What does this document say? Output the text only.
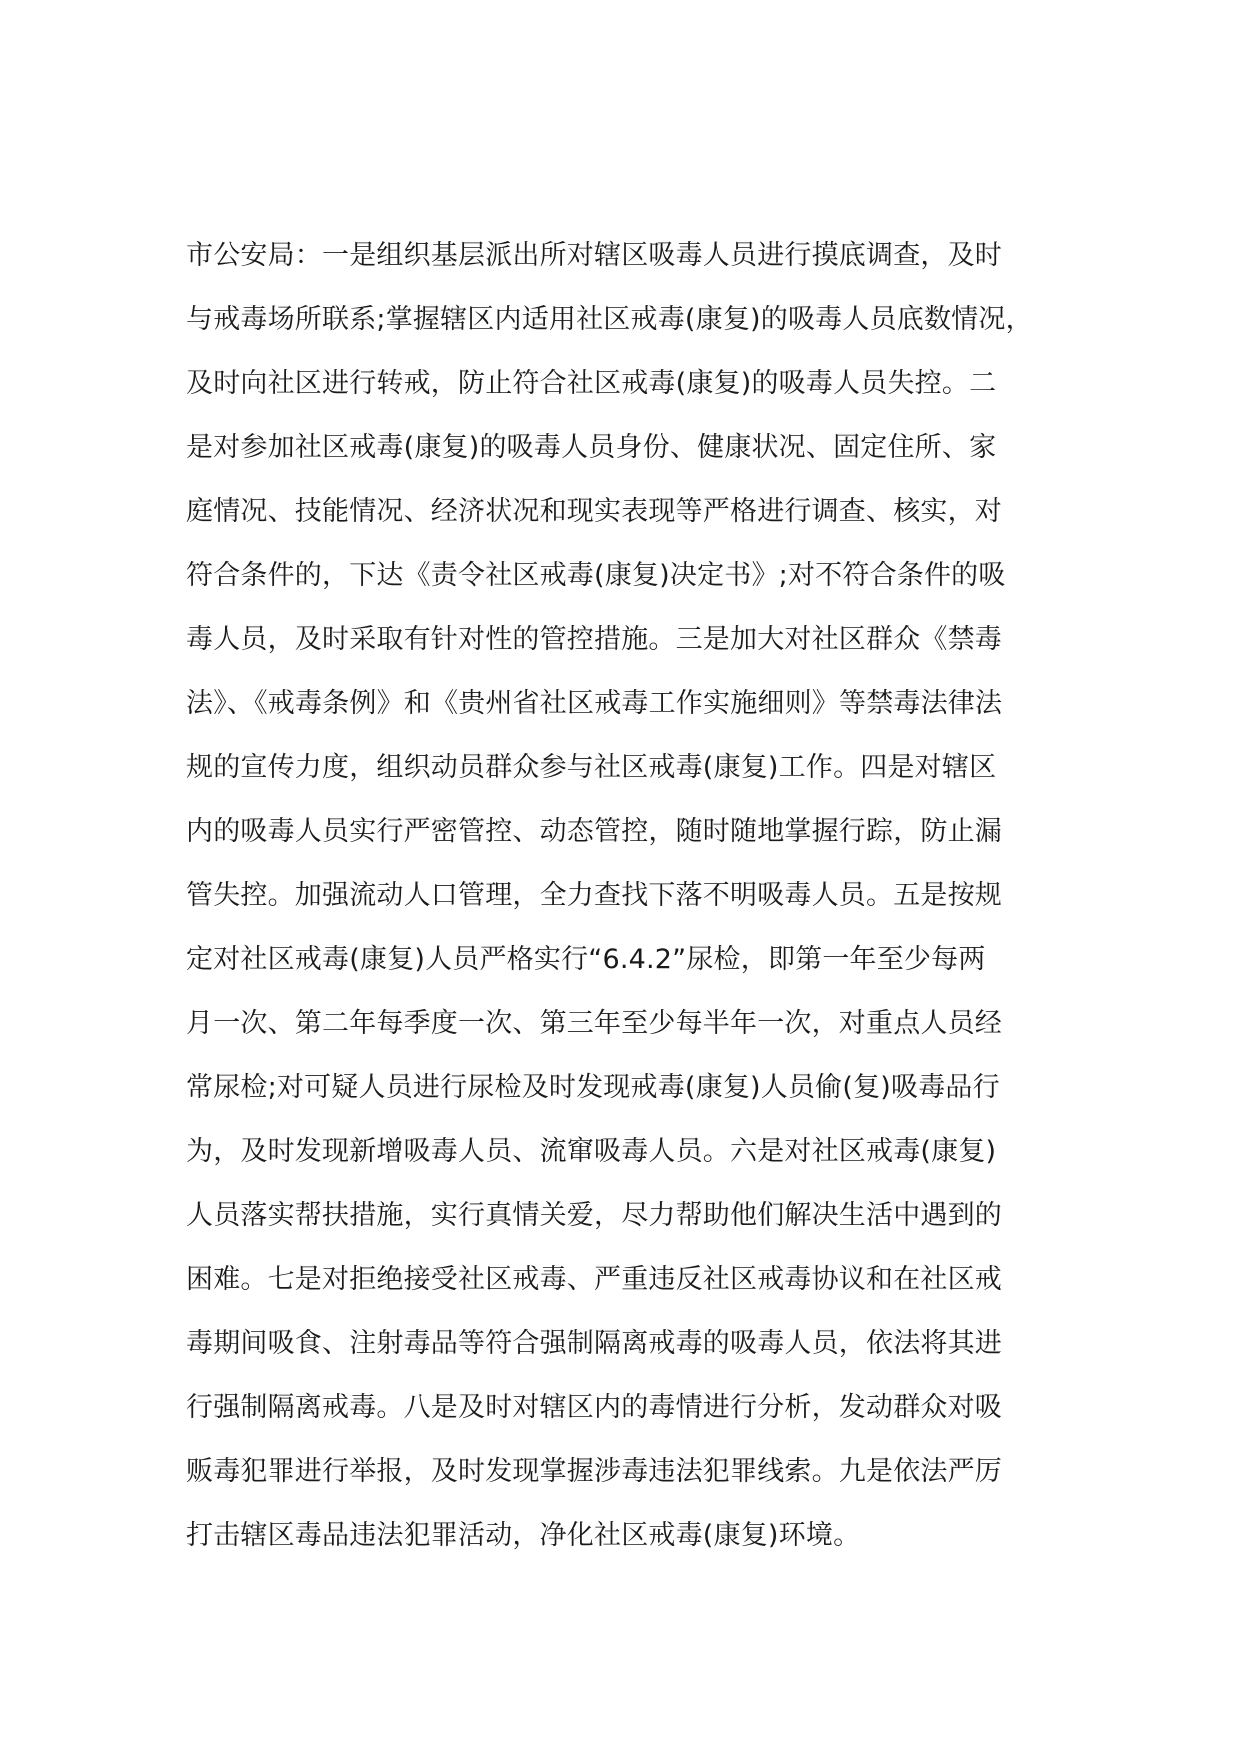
市公安局：一是组织基层派出所对辖区吸毒人员进行摸底调查，及时
与戒毒场所联系;掌握辖区内适用社区戒毒(康复)的吸毒人员底数情况，
及时向社区进行转戒，防止符合社区戒毒(康复)的吸毒人员失控。二
是对参加社区戒毒(康复)的吸毒人员身份、健康状况、固定住所、家
庭情况、技能情况、经济状况和现实表现等严格进行调查、核实，对
符合条件的，下达《责令社区戒毒(康复)决定书》;对不符合条件的吸
毒人员，及时采取有针对性的管控措施。三是加大对社区群众《禁毒
法》、《戒毒条例》和《贵州省社区戒毒工作实施细则》等禁毒法律法
规的宣传力度，组织动员群众参与社区戒毒(康复)工作。四是对辖区
内的吸毒人员实行严密管控、动态管控，随时随地掌握行踪，防止漏
管失控。加强流动人口管理，全力查找下落不明吸毒人员。五是按规
定对社区戒毒(康复)人员严格实行“6.4.2”尿检，即第一年至少每两
月一次、第二年每季度一次、第三年至少每半年一次，对重点人员经
常尿检;对可疑人员进行尿检及时发现戒毒(康复)人员偷(复)吸毒品行
为，及时发现新增吸毒人员、流窜吸毒人员。六是对社区戒毒(康复)
人员落实帮扶措施，实行真情关爱，尽力帮助他们解决生活中遇到的
困难。七是对拒绝接受社区戒毒、严重违反社区戒毒协议和在社区戒
毒期间吸食、注射毒品等符合强制隔离戒毒的吸毒人员，依法将其进
行强制隔离戒毒。八是及时对辖区内的毒情进行分析，发动群众对吸
贩毒犯罪进行举报，及时发现掌握涉毒违法犯罪线索。九是依法严厉
打击辖区毒品违法犯罪活动，净化社区戒毒(康复)环境。
